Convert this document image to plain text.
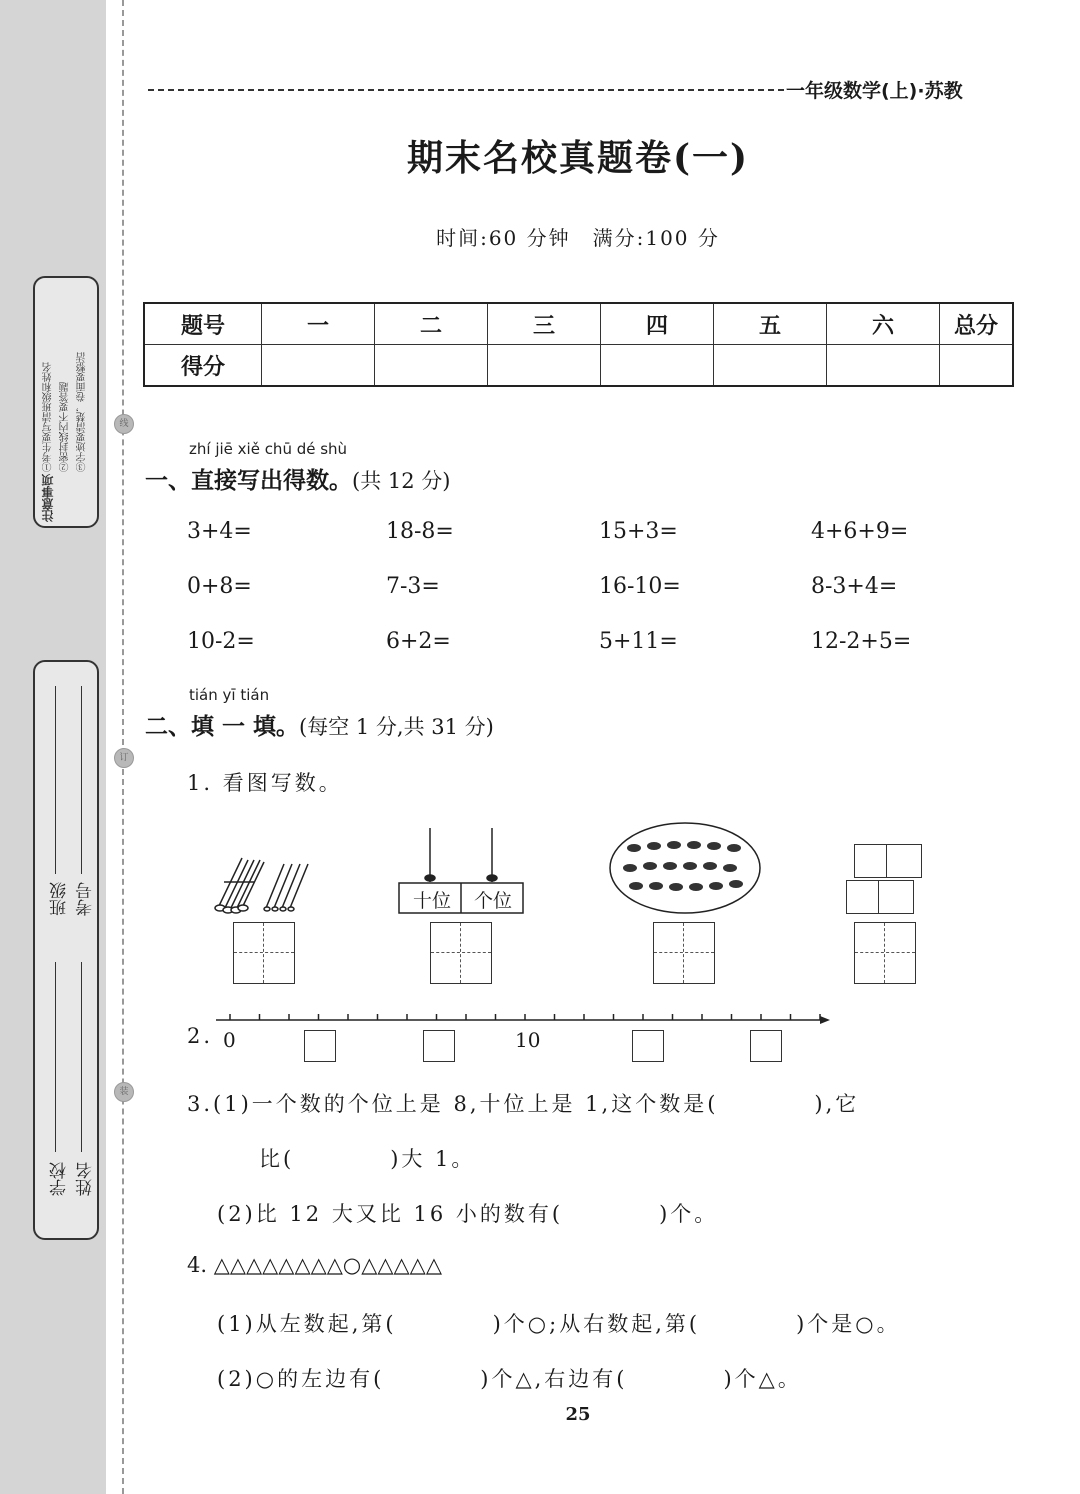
线
订
装
注意事项
①考生要写清班级和姓名 ②密封线内不要答题 ③字迹要清楚，卷面要整洁
学校 姓名
班级 考号
一年级数学(上)·苏教
期末名校真题卷(一)
时间:60 分钟　满分:100 分
题号	一	二	三	四	五	六	总分
得分							
zhí jiē xiě chū dé shù
一、直接写出得数。(共 12 分)
3+4=	18-8=	15+3=	4+6+9=
0+8=	7-3=	16-10=	8-3+4=
10-2=	6+2=	5+11=	12-2+5=
tián yī tián
二、填 一 填。(每空 1 分,共 31 分)
1. 看图写数。
十位	个位
2. 0	10
3.(1)一个数的个位上是 8,十位上是 1,这个数是(　　　　),它
比(　　　　)大 1。
(2)比 12 大又比 16 小的数有(　　　　)个。
4. △△△△△△△△○△△△△△
(1)从左数起,第(　　　　)个○;从右数起,第(　　　　)个是○。
(2)○的左边有(　　　　)个△,右边有(　　　　)个△。
25
